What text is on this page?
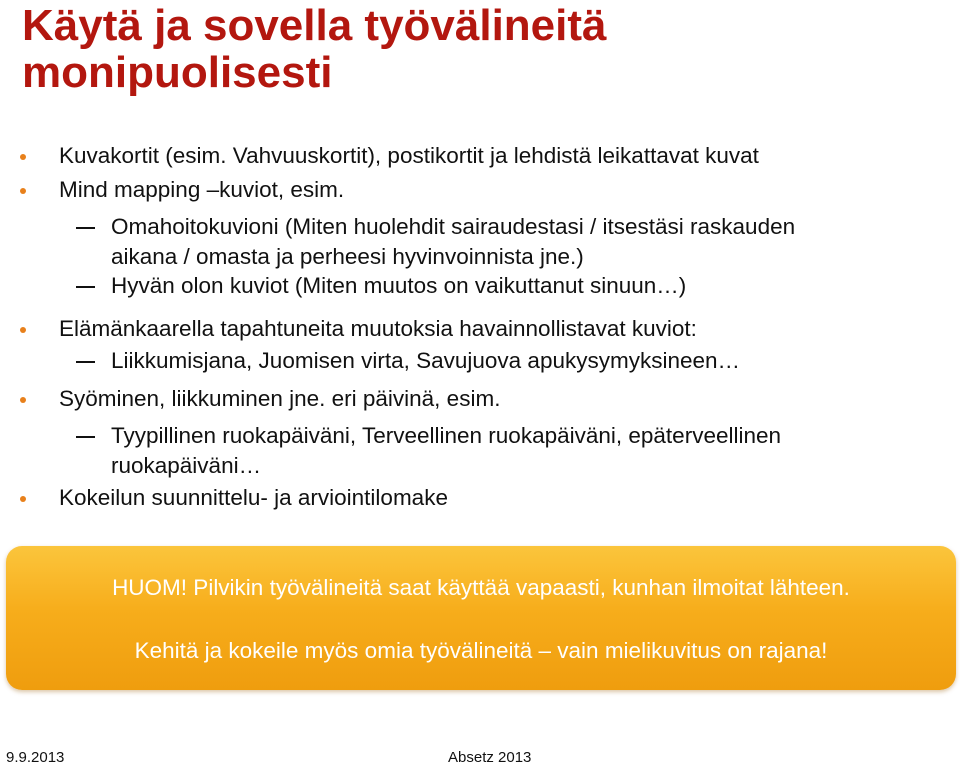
Käytä ja sovella työvälineitä
monipuolisesti
Kuvakortit (esim. Vahvuuskortit), postikortit ja lehdistä leikattavat kuvat
Mind mapping –kuviot, esim.
Omahoitokuvioni (Miten huolehdit sairaudestasi / itsestäsi raskauden
aikana / omasta ja perheesi hyvinvoinnista jne.)
Hyvän olon kuviot (Miten muutos on vaikuttanut sinuun…)
Elämänkaarella tapahtuneita muutoksia havainnollistavat kuviot:
Liikkumisjana, Juomisen virta, Savujuova apukysymyksineen…
Syöminen, liikkuminen jne. eri päivinä, esim.
Tyypillinen ruokapäiväni, Terveellinen ruokapäiväni, epäterveellinen
ruokapäiväni…
Kokeilun suunnittelu- ja arviointilomake
HUOM! Pilvikin työvälineitä saat käyttää vapaasti, kunhan ilmoitat lähteen.
Kehitä ja kokeile myös omia työvälineitä – vain mielikuvitus on rajana!
9.9.2013	Absetz 2013
